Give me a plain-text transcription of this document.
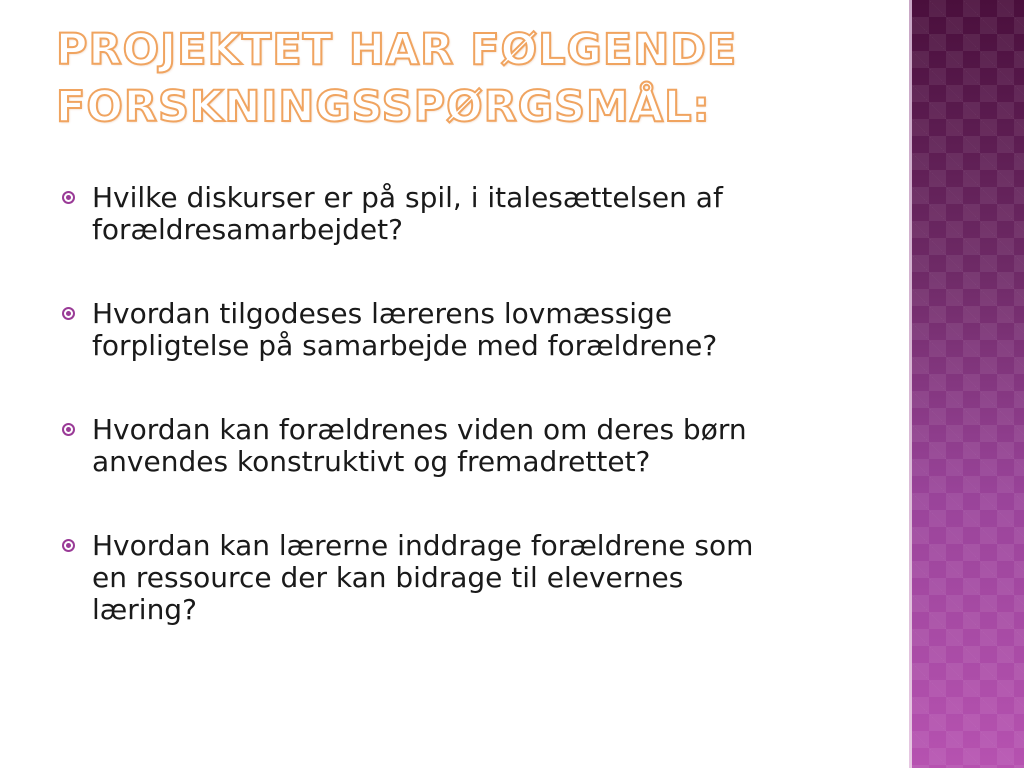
PROJEKTET HAR FØLGENDE
FORSKNINGSSPØRGSMÅL:
Hvilke diskurser er på spil, i italesættelsen af
forældresamarbejdet?
Hvordan tilgodeses lærerens lovmæssige
forpligtelse på samarbejde med forældrene?
Hvordan kan forældrenes viden om deres børn
anvendes konstruktivt og fremadrettet?
Hvordan kan lærerne inddrage forældrene som
en ressource der kan bidrage til elevernes
læring?
